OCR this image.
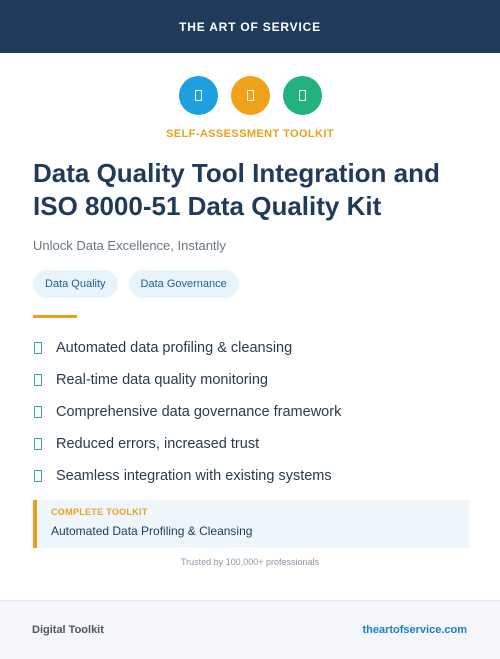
THE ART OF SERVICE
SELF-ASSESSMENT TOOLKIT
Data Quality Tool Integration and ISO 8000-51 Data Quality Kit
Unlock Data Excellence, Instantly
Data Quality	Data Governance
Automated data profiling & cleansing
Real-time data quality monitoring
Comprehensive data governance framework
Reduced errors, increased trust
Seamless integration with existing systems
COMPLETE TOOLKIT
Automated Data Profiling & Cleansing
Trusted by 100,000+ professionals
Digital Toolkit	theartofservice.com
